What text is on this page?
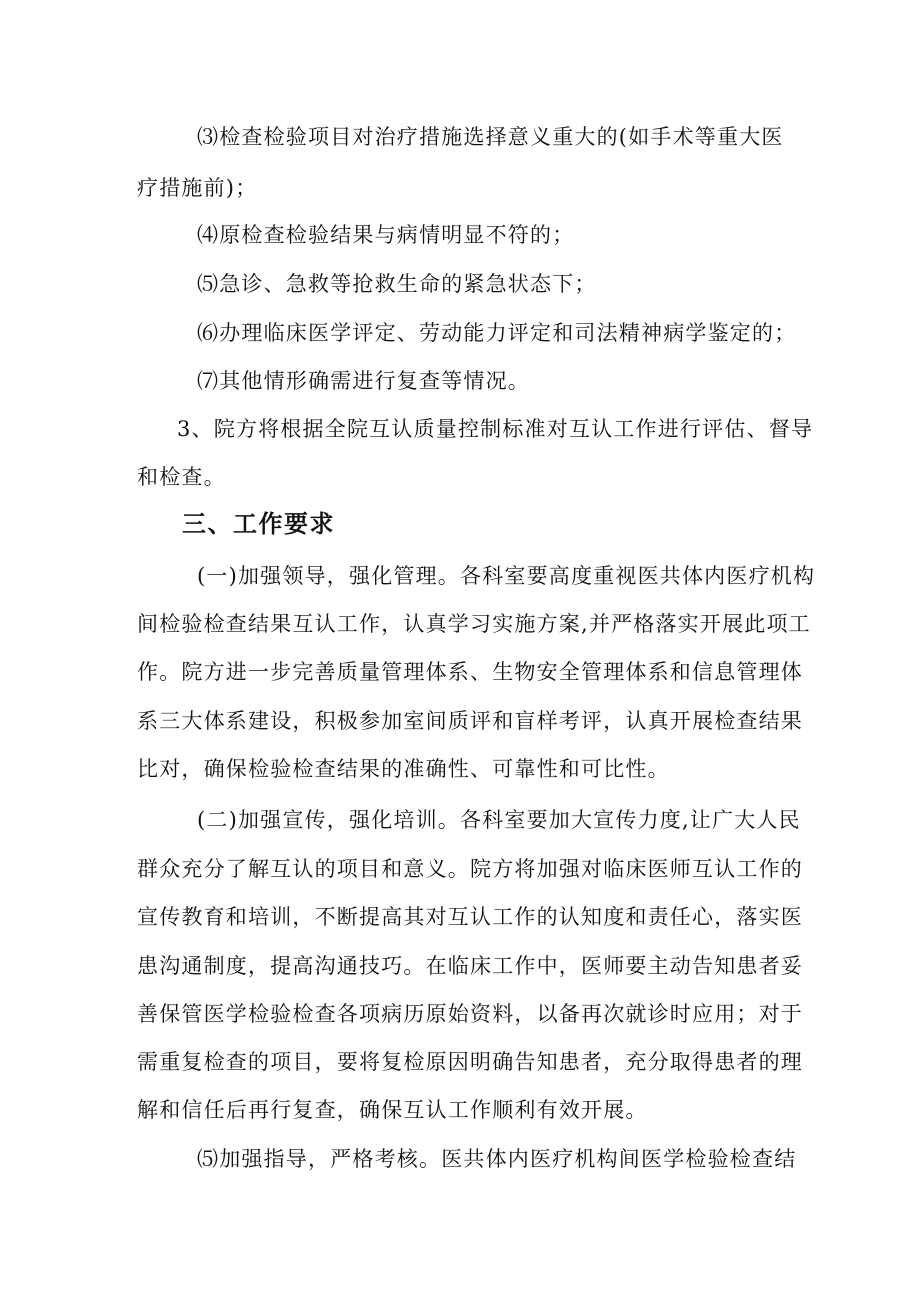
⑶检查检验项目对治疗措施选择意义重大的(如手术等重大医
疗措施前)；
⑷原检查检验结果与病情明显不符的；
⑸急诊、急救等抢救生命的紧急状态下；
⑹办理临床医学评定、劳动能力评定和司法精神病学鉴定的；
⑺其他情形确需进行复查等情况。
3、院方将根据全院互认质量控制标准对互认工作进行评估、督导
和检查。
三、工作要求
(一)加强领导，强化管理。各科室要高度重视医共体内医疗机构
间检验检查结果互认工作，认真学习实施方案,并严格落实开展此项工
作。院方进一步完善质量管理体系、生物安全管理体系和信息管理体
系三大体系建设，积极参加室间质评和盲样考评，认真开展检查结果
比对，确保检验检查结果的准确性、可靠性和可比性。
(二)加强宣传，强化培训。各科室要加大宣传力度,让广大人民
群众充分了解互认的项目和意义。院方将加强对临床医师互认工作的
宣传教育和培训，不断提高其对互认工作的认知度和责任心，落实医
患沟通制度，提高沟通技巧。在临床工作中，医师要主动告知患者妥
善保管医学检验检查各项病历原始资料，以备再次就诊时应用；对于
需重复检查的项目，要将复检原因明确告知患者，充分取得患者的理
解和信任后再行复查，确保互认工作顺利有效开展。
⑸加强指导，严格考核。医共体内医疗机构间医学检验检查结
